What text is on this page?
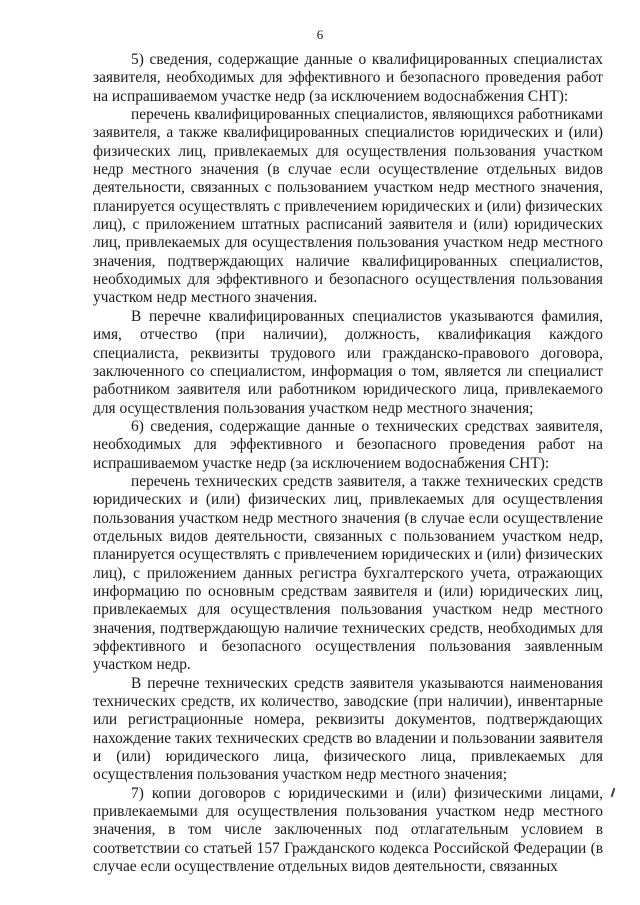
6

5) сведения, содержащие данные о квалифицированных специалистах заявителя, необходимых для эффективного и безопасного проведения работ на испрашиваемом участке недр (за исключением водоснабжения СНТ):

перечень квалифицированных специалистов, являющихся работниками заявителя, а также квалифицированных специалистов юридических и (или) физических лиц, привлекаемых для осуществления пользования участком недр местного значения (в случае если осуществление отдельных видов деятельности, связанных с пользованием участком недр местного значения, планируется осуществлять с привлечением юридических и (или) физических лиц), с приложением штатных расписаний заявителя и (или) юридических лиц, привлекаемых для осуществления пользования участком недр местного значения, подтверждающих наличие квалифицированных специалистов, необходимых для эффективного и безопасного осуществления пользования участком недр местного значения.

В перечне квалифицированных специалистов указываются фамилия, имя, отчество (при наличии), должность, квалификация каждого специалиста, реквизиты трудового или гражданско-правового договора, заключенного со специалистом, информация о том, является ли специалист работником заявителя или работником юридического лица, привлекаемого для осуществления пользования участком недр местного значения;

6) сведения, содержащие данные о технических средствах заявителя, необходимых для эффективного и безопасного проведения работ на испрашиваемом участке недр (за исключением водоснабжения СНТ):

перечень технических средств заявителя, а также технических средств юридических и (или) физических лиц, привлекаемых для осуществления пользования участком недр местного значения (в случае если осуществление отдельных видов деятельности, связанных с пользованием участком недр, планируется осуществлять с привлечением юридических и (или) физических лиц), с приложением данных регистра бухгалтерского учета, отражающих информацию по основным средствам заявителя и (или) юридических лиц, привлекаемых для осуществления пользования участком недр местного значения, подтверждающую наличие технических средств, необходимых для эффективного и безопасного осуществления пользования заявленным участком недр.

В перечне технических средств заявителя указываются наименования технических средств, их количество, заводские (при наличии), инвентарные или регистрационные номера, реквизиты документов, подтверждающих нахождение таких технических средств во владении и пользовании заявителя и (или) юридического лица, физического лица, привлекаемых для осуществления пользования участком недр местного значения;

7) копии договоров с юридическими и (или) физическими лицами, привлекаемыми для осуществления пользования участком недр местного значения, в том числе заключенных под отлагательным условием в соответствии со статьей 157 Гражданского кодекса Российской Федерации (в случае если осуществление отдельных видов деятельности, связанных
